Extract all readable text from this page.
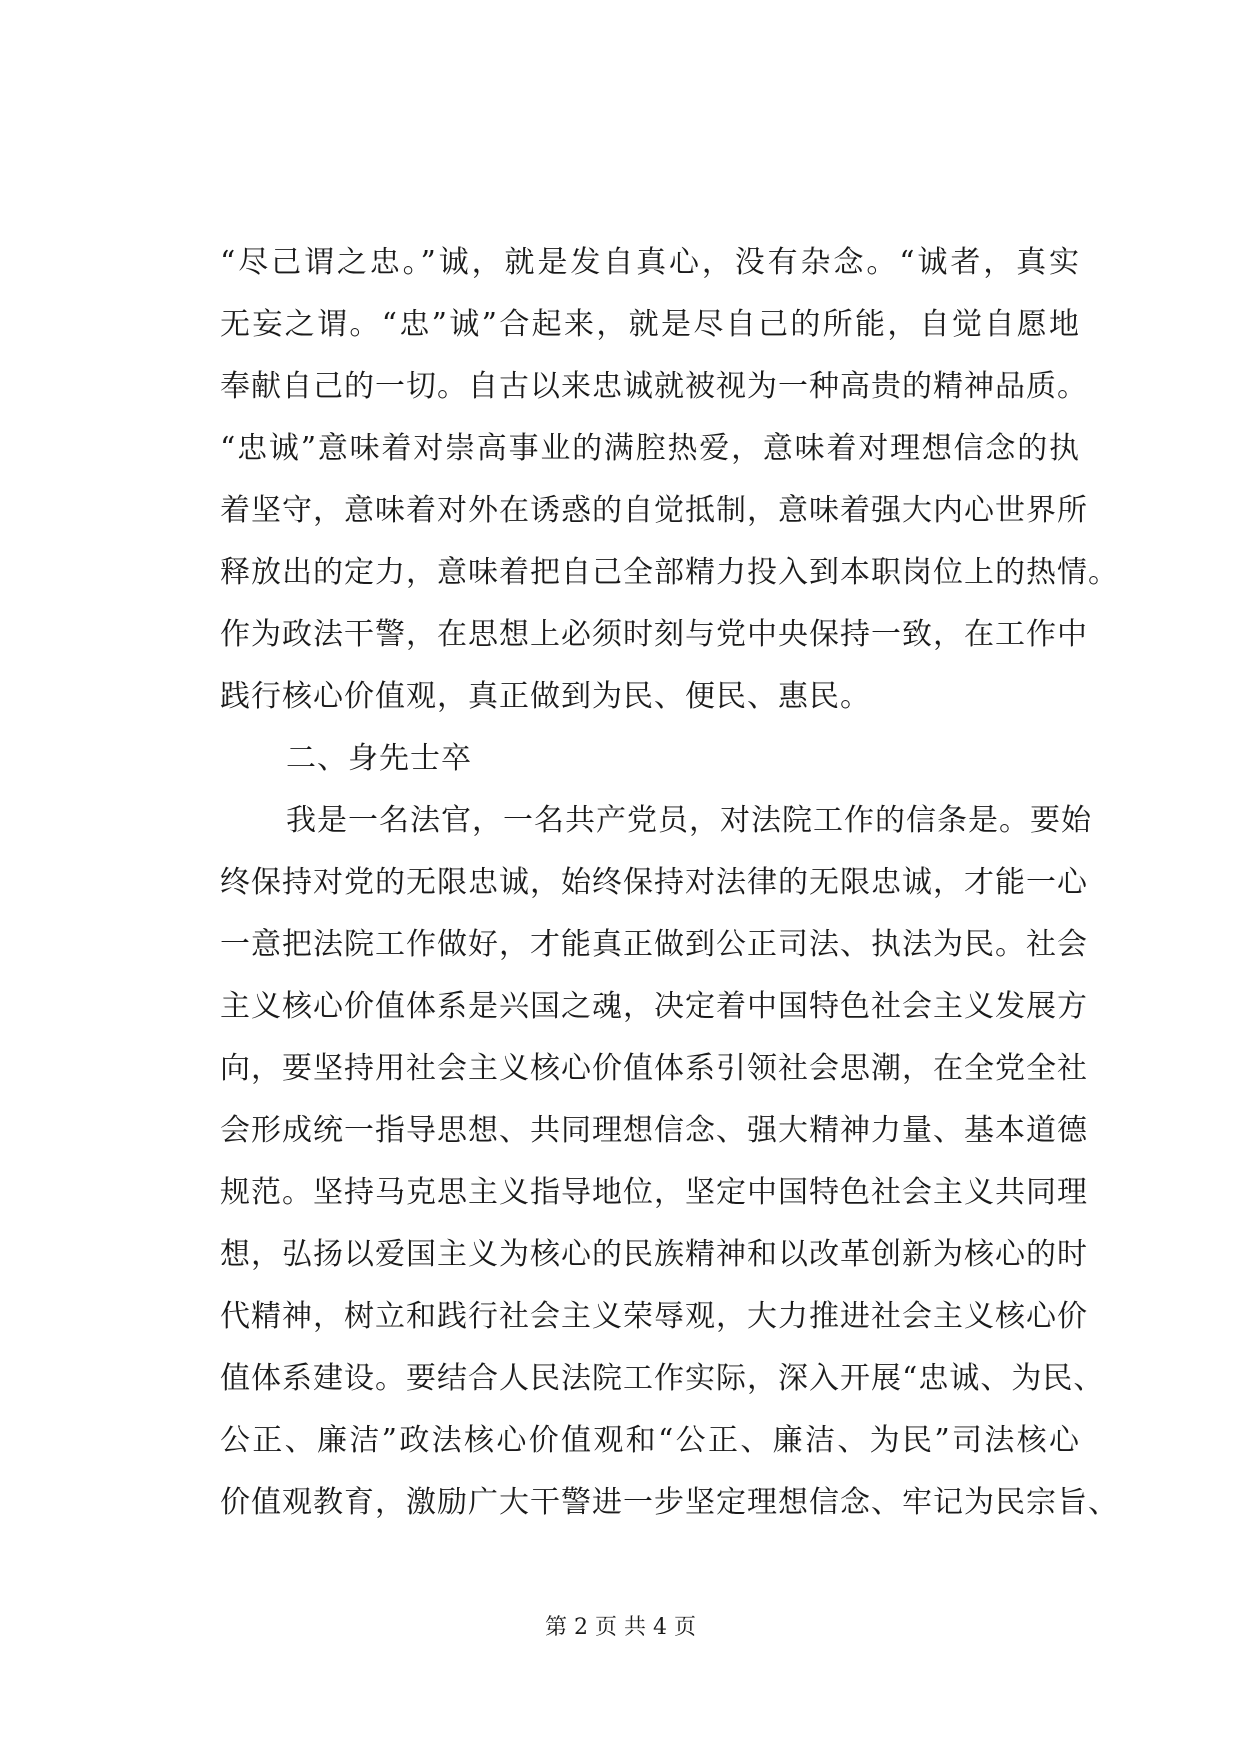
“尽己谓之忠。”诚，就是发自真心，没有杂念。“诚者，真实
无妄之谓。“忠”诚”合起来，就是尽自己的所能，自觉自愿地
奉献自己的一切。自古以来忠诚就被视为一种高贵的精神品质。
“忠诚”意味着对崇高事业的满腔热爱，意味着对理想信念的执
着坚守，意味着对外在诱惑的自觉抵制，意味着强大内心世界所
释放出的定力，意味着把自己全部精力投入到本职岗位上的热情。
作为政法干警，在思想上必须时刻与党中央保持一致，在工作中
践行核心价值观，真正做到为民、便民、惠民。
二、身先士卒
我是一名法官，一名共产党员，对法院工作的信条是。要始
终保持对党的无限忠诚，始终保持对法律的无限忠诚，才能一心
一意把法院工作做好，才能真正做到公正司法、执法为民。社会
主义核心价值体系是兴国之魂，决定着中国特色社会主义发展方
向，要坚持用社会主义核心价值体系引领社会思潮，在全党全社
会形成统一指导思想、共同理想信念、强大精神力量、基本道德
规范。坚持马克思主义指导地位，坚定中国特色社会主义共同理
想，弘扬以爱国主义为核心的民族精神和以改革创新为核心的时
代精神，树立和践行社会主义荣辱观，大力推进社会主义核心价
值体系建设。要结合人民法院工作实际，深入开展“忠诚、为民、
公正、廉洁”政法核心价值观和“公正、廉洁、为民”司法核心
价值观教育，激励广大干警进一步坚定理想信念、牢记为民宗旨、
第 2 页 共 4 页
